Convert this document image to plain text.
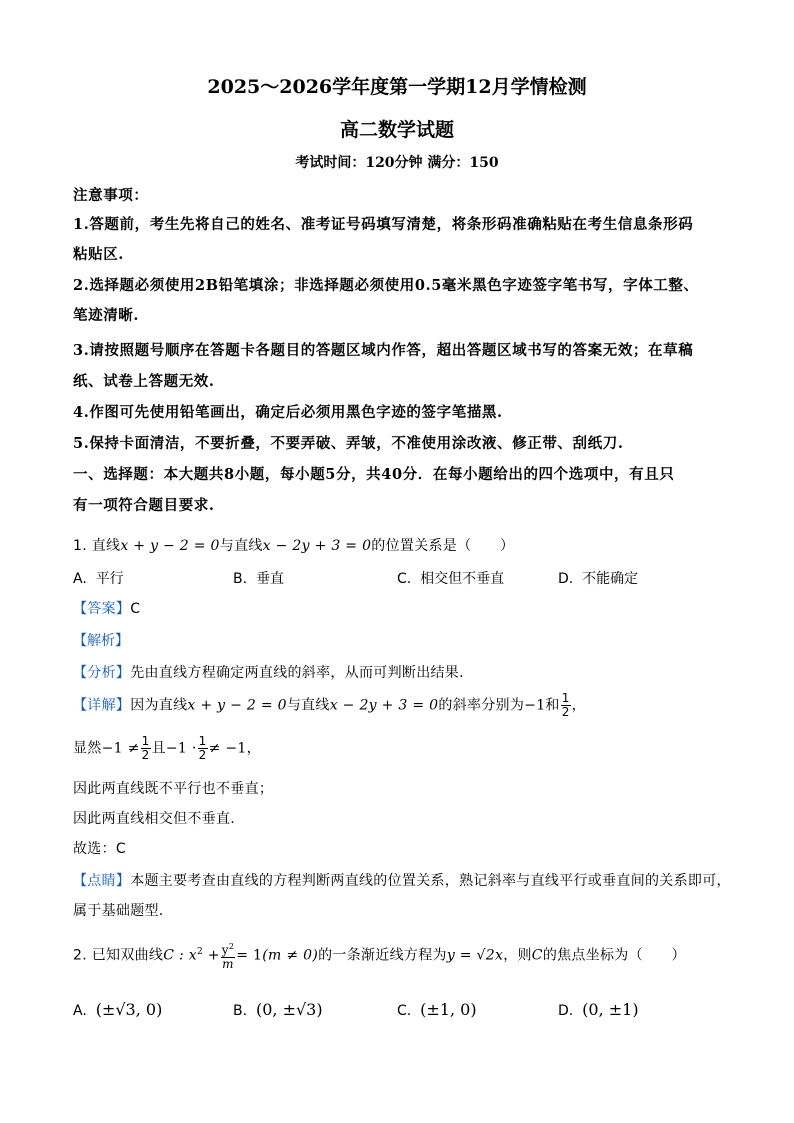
2025～2026学年度第一学期12月学情检测
高二数学试题
考试时间：120分钟 满分：150
注意事项：
1.答题前，考生先将自己的姓名、准考证号码填写清楚，将条形码准确粘贴在考生信息条形码
粘贴区.
2.选择题必须使用2B铅笔填涂；非选择题必须使用0.5毫米黑色字迹签字笔书写，字体工整、
笔迹清晰.
3.请按照题号顺序在答题卡各题目的答题区域内作答，超出答题区域书写的答案无效；在草稿
纸、试卷上答题无效.
4.作图可先使用铅笔画出，确定后必须用黑色字迹的签字笔描黑.
5.保持卡面清洁，不要折叠，不要弄破、弄皱，不准使用涂改液、修正带、刮纸刀.
一、选择题：本大题共8小题，每小题5分，共40分．在每小题给出的四个选项中，有且只
有一项符合题目要求.
1. 直线x + y − 2 = 0与直线x − 2y + 3 = 0的位置关系是（　　）
A. 平行	B. 垂直	C. 相交但不垂直	D. 不能确定
【答案】C
【解析】
【分析】先由直线方程确定两直线的斜率，从而可判断出结果.
【详解】因为直线x + y − 2 = 0与直线x − 2y + 3 = 0的斜率分别为−1和 $\frac{1}{2}$ ，
显然$-1 \ne \frac{1}{2}$ 且$-1 \cdot \frac{1}{2} \ne -1$，
因此两直线既不平行也不垂直；
因此两直线相交但不垂直.
故选：C
【点睛】本题主要考查由直线的方程判断两直线的位置关系，熟记斜率与直线平行或垂直间的关系即可，
属于基础题型.
2. 已知双曲线C : $x^2 + \frac{y^2}{m} = 1(m \ne 0)$的一条渐近线方程为y = √2x，则C的焦点坐标为（　　）
A. (±√3, 0)	B. (0, ±√3)	C. (±1, 0)	D. (0, ±1)
